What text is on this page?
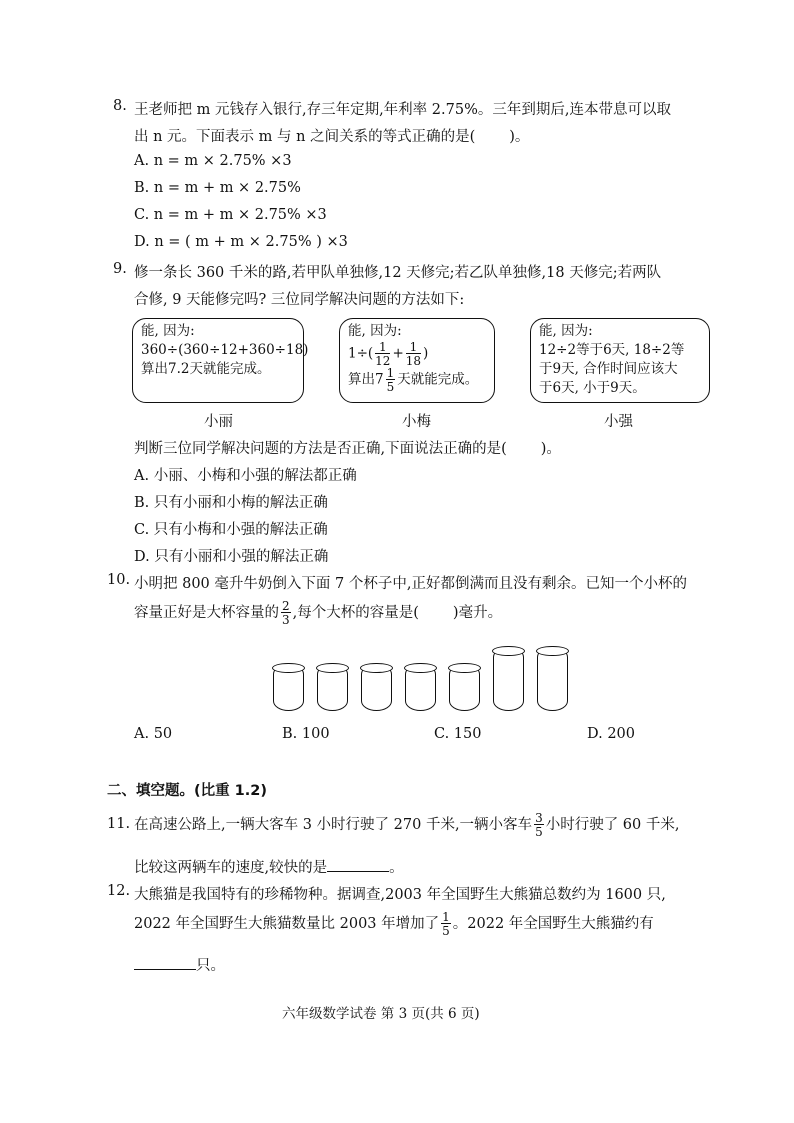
8. 王老师把 m 元钱存入银行,存三年定期,年利率 2.75%。三年到期后,连本带息可以取
出 n 元。下面表示 m 与 n 之间关系的等式正确的是( )。
A. n = m × 2.75% ×3
B. n = m + m × 2.75%
C. n = m + m × 2.75% ×3
D. n = ( m + m × 2.75% ) ×3
9. 修一条长 360 千米的路,若甲队单独修,12 天修完;若乙队单独修,18 天修完;若两队
合修, 9 天能修完吗? 三位同学解决问题的方法如下:
能, 因为:
360÷(360÷12+360÷18)
算出7.2天就能完成。
小丽
能, 因为:
$1\div( \frac{1}{12} + \frac{1}{18}$ )
算出$7 \frac{1}{5}$ 天就能完成。
小梅
能, 因为:
12÷2等于6天, 18÷2等
于9天, 合作时间应该大
于6天, 小于9天。
小强
判断三位同学解决问题的方法是否正确,下面说法正确的是( )。
A. 小丽、小梅和小强的解法都正确
B. 只有小丽和小梅的解法正确
C. 只有小梅和小强的解法正确
D. 只有小丽和小强的解法正确
10. 小明把 800 毫升牛奶倒入下面 7 个杯子中,正好都倒满而且没有剩余。已知一个小杯的
容量正好是大杯容量的 $\frac{2}{3}$ ,每个大杯的容量是( )毫升。
A. 50	B. 100	C. 150	D. 200
二、填空题。(比重 1.2)
11. 在高速公路上,一辆大客车 3 小时行驶了 270 千米,一辆小客车 $\frac{3}{5}$ 小时行驶了 60 千米,
比较这两辆车的速度,较快的是	。
12. 大熊猫是我国特有的珍稀物种。据调查,2003 年全国野生大熊猫总数约为 1600 只,
2022 年全国野生大熊猫数量比 2003 年增加了 $\frac{1}{5}$ 。2022 年全国野生大熊猫约有
只。
六年级数学试卷 第 3 页(共 6 页)
